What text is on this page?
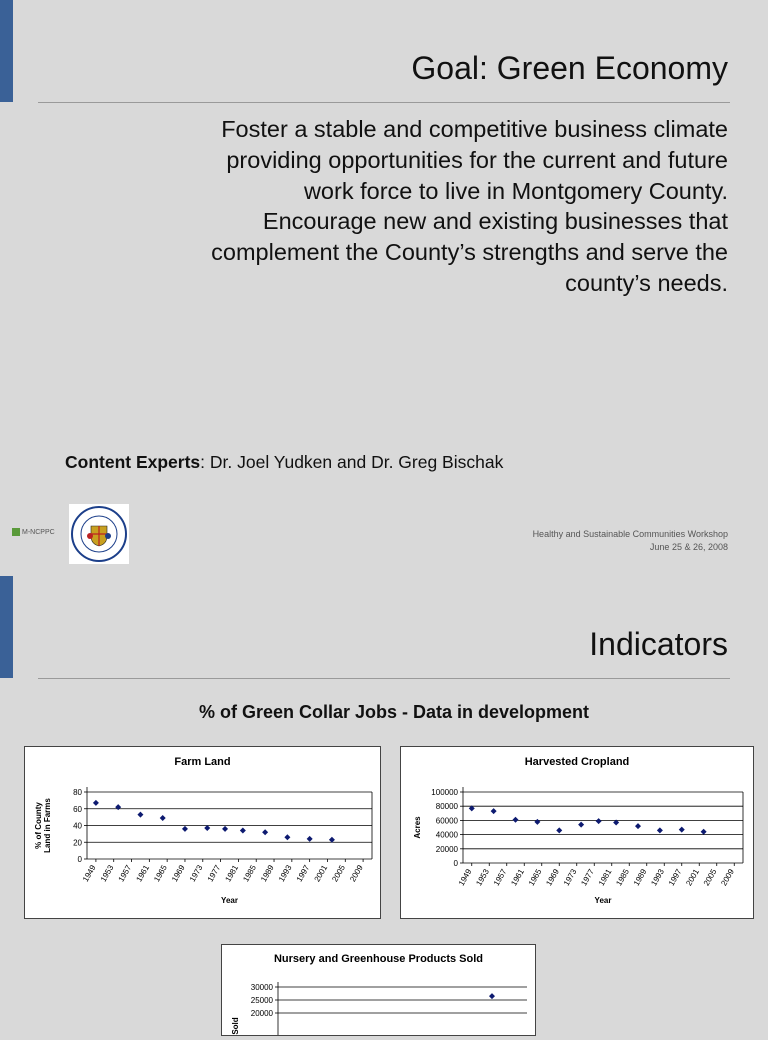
Goal: Green Economy
Foster a stable and competitive business climate providing opportunities for the current and future work force to live in Montgomery County. Encourage new and existing businesses that complement the County’s strengths and serve the county’s needs.
Content Experts: Dr. Joel Yudken and Dr. Greg Bischak
M-NCPPC	Healthy and Sustainable Communities Workshop
June 25 & 26, 2008
Indicators
% of Green Collar Jobs - Data in development
Farm Land
0
20
40
60
80
1949 1953 1957 1961 1965 1969 1973 1977 1981 1985 1989 1993 1997 2001 2005 2009
% of CountyLand in Farms
Year
Harvested Cropland
0
20000
40000
60000
80000
100000
1949 1953 1957 1961 1965 1969 1973 1977 1981 1985 1989 1993 1997 2001 2005 2009
Acres
Year
Nursery and Greenhouse Products Sold
20000
25000
30000
Sold
